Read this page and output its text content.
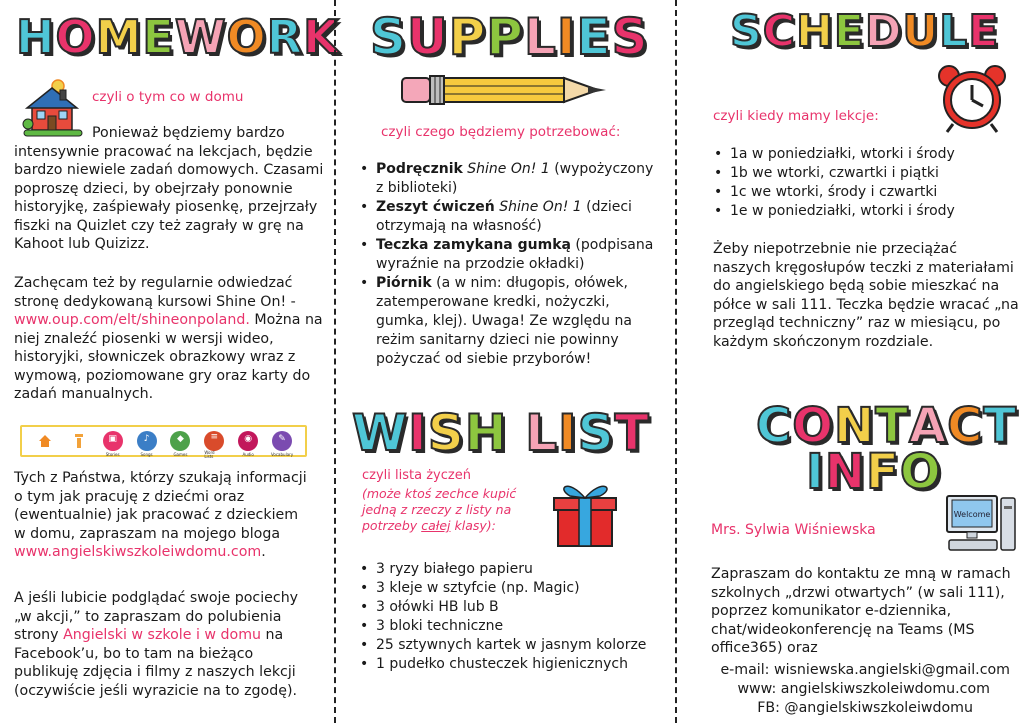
HOMEWORK
czyli o tym co w domu
Ponieważ będziemy bardzo intensywnie pracować na lekcjach, będzie bardzo niewiele zadań domowych. Czasami poproszę dzieci, by obejrzały ponownie historyjkę, zaśpiewały piosenkę, przejrzały fiszki na Quizlet czy też zagrały w grę na Kahoot lub Quizizz.
Zachęcam też by regularnie odwiedzać stronę dedykowaną kursowi Shine On! - www.oup.com/elt/shineonpoland. Można na niej znaleźć piosenki w wersji wideo, historyjki, słowniczek obrazkowy wraz z wymową, poziomowane gry oraz karty do zadań manualnych.
▣
Stories
♪
Songs
◆
Games
≡
Word Lists
◉
Audio
✎
Vocabulary
Tych z Państwa, którzy szukają informacji o tym jak pracuję z dziećmi oraz (ewentualnie) jak pracować z dzieckiem w domu, zapraszam na mojego bloga www.angielskiwszkoleiwdomu.com.
A jeśli lubicie podglądać swoje pociechy „w akcji,” to zapraszam do polubienia strony Angielski w szkole i w domu na Facebook’u, bo to tam na bieżąco publikuję zdjęcia i filmy z naszych lekcji (oczywiście jeśli wyrazicie na to zgodę).
SUPPLIES
czyli czego będziemy potrzebować:
• Podręcznik Shine On! 1 (wypożyczony z biblioteki)
• Zeszyt ćwiczeń Shine On! 1 (dzieci otrzymają na własność)
• Teczka zamykana gumką (podpisana wyraźnie na przodzie okładki)
• Piórnik (a w nim: długopis, ołówek, zatemperowane kredki, nożyczki, gumka, klej). Uwaga! Ze względu na reżim sanitarny dzieci nie powinny pożyczać od siebie przyborów!
WISH LIST
czyli lista życzeń
(może ktoś zechce kupić jedną z rzeczy z listy na potrzeby całej klasy):
• 3 ryzy białego papieru
• 3 kleje w sztyfcie (np. Magic)
• 3 ołówki HB lub B
• 3 bloki techniczne
• 25 sztywnych kartek w jasnym kolorze
• 1 pudełko chusteczek higienicznych
SCHEDULE
czyli kiedy mamy lekcje:
• 1a w poniedziałki, wtorki i środy
• 1b we wtorki, czwartki i piątki
• 1c we wtorki, środy i czwartki
• 1e w poniedziałki, wtorki i środy
Żeby niepotrzebnie nie przeciążać naszych kręgosłupów teczki z materiałami do angielskiego będą sobie mieszkać na półce w sali 111. Teczka będzie wracać „na przegląd techniczny” raz w miesiącu, po każdym skończonym rozdziale.
CONTACT
INFO
Mrs. Sylwia Wiśniewska
Welcome
Zapraszam do kontaktu ze mną w ramach szkolnych „drzwi otwartych” (w sali 111), poprzez komunikator e-dziennika, chat/wideokonferencję na Teams (MS office365) oraz
e-mail: wisniewska.angielski@gmail.com
www: angielskiwszkoleiwdomu.com
FB: @angielskiwszkoleiwdomu
